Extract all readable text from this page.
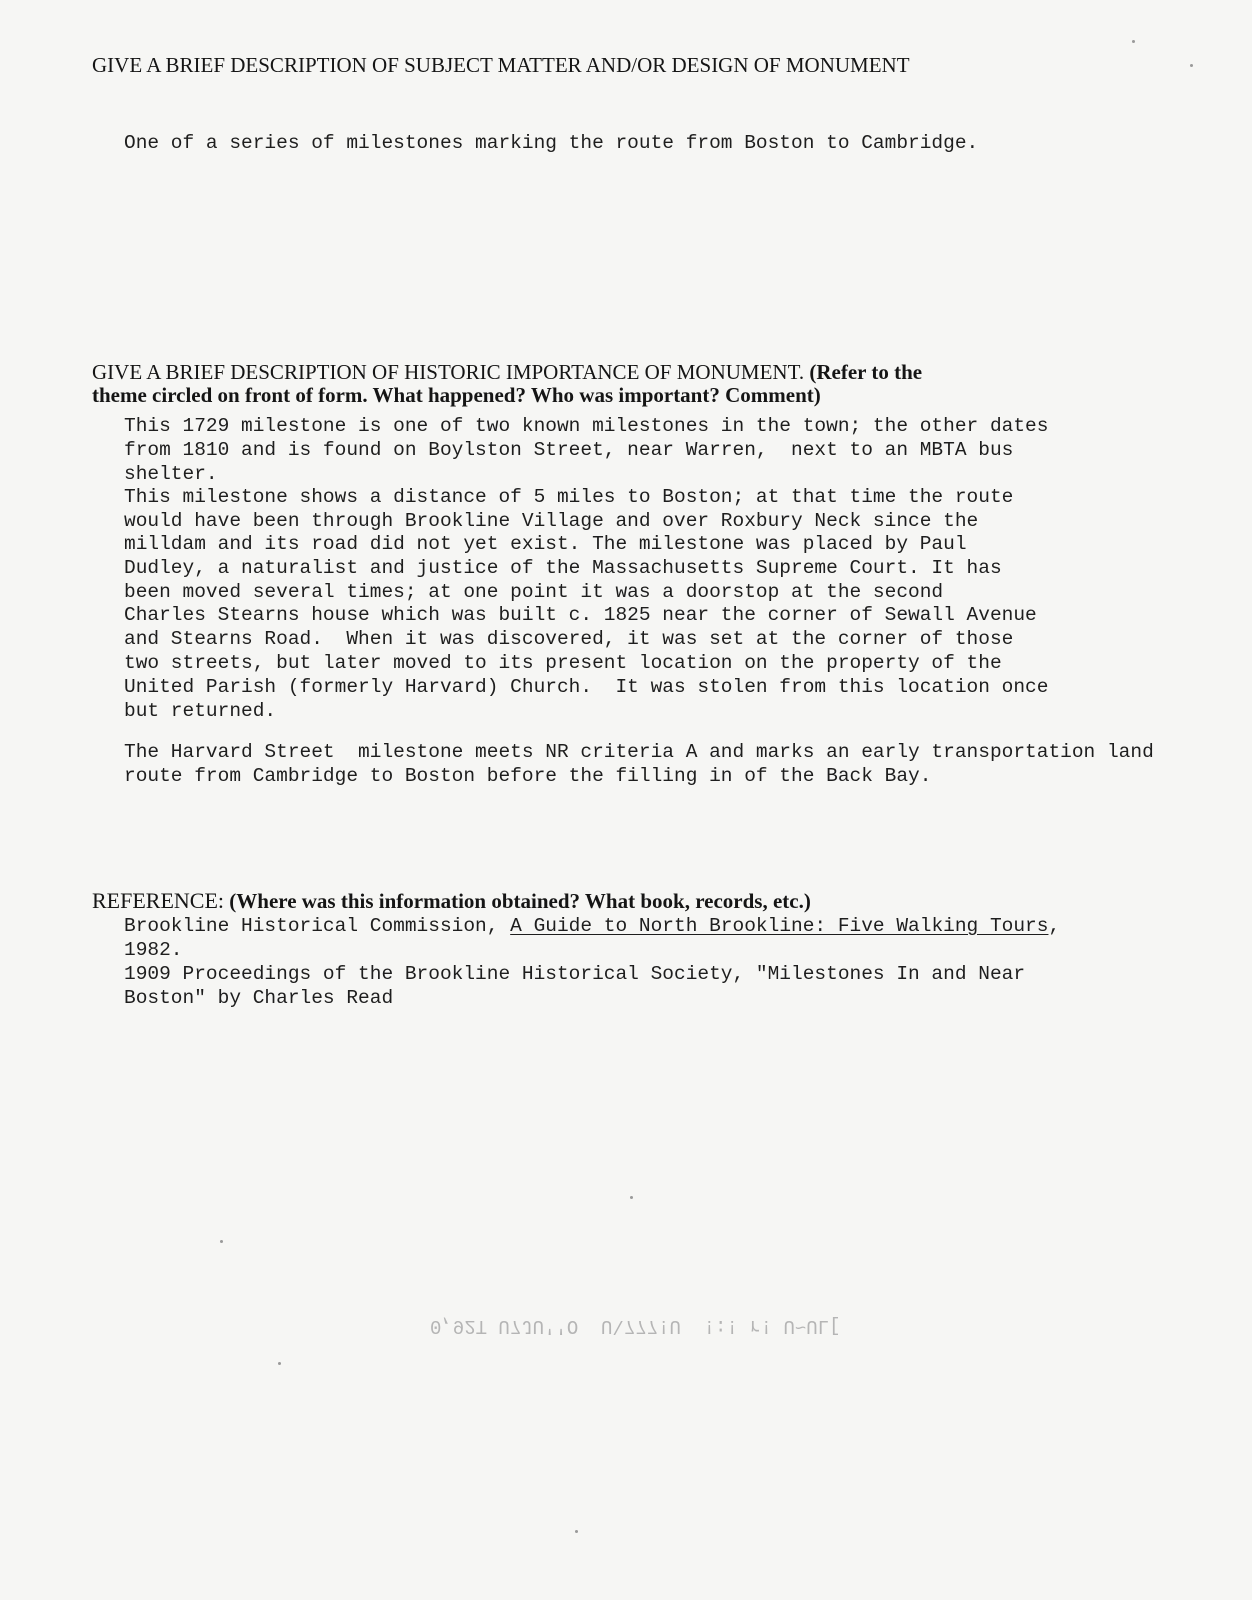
GIVE A BRIEF DESCRIPTION OF SUBJECT MATTER AND/OR DESIGN OF MONUMENT

One of a series of milestones marking the route from Boston to Cambridge.

GIVE A BRIEF DESCRIPTION OF HISTORIC IMPORTANCE OF MONUMENT. (Refer to the
theme circled on front of form. What happened? Who was important? Comment)

This 1729 milestone is one of two known milestones in the town; the other dates

from 1810 and is found on Boylston Street, near Warren,  next to an MBTA bus

shelter.

This milestone shows a distance of 5 miles to Boston; at that time the route

would have been through Brookline Village and over Roxbury Neck since the

milldam and its road did not yet exist. The milestone was placed by Paul

Dudley, a naturalist and justice of the Massachusetts Supreme Court. It has

been moved several times; at one point it was a doorstop at the second

Charles Stearns house which was built c. 1825 near the corner of Sewall Avenue

and Stearns Road.  When it was discovered, it was set at the corner of those

two streets, but later moved to its present location on the property of the

United Parish (formerly Harvard) Church.  It was stolen from this location once

but returned.

The Harvard Street  milestone meets NR criteria A and marks an early transportation land

route from Cambridge to Boston before the filling in of the Back Bay.

REFERENCE: (Where was this information obtained? What book, records, etc.)

Brookline Historical Commission, A Guide to North Brookline: Five Walking Tours,

1982.

1909 Proceedings of the Brookline Historical Society, "Milestones In and Near

Boston" by Charles Read

0,92T U7JU''O  U\777!U  !:! r! U~UL[
